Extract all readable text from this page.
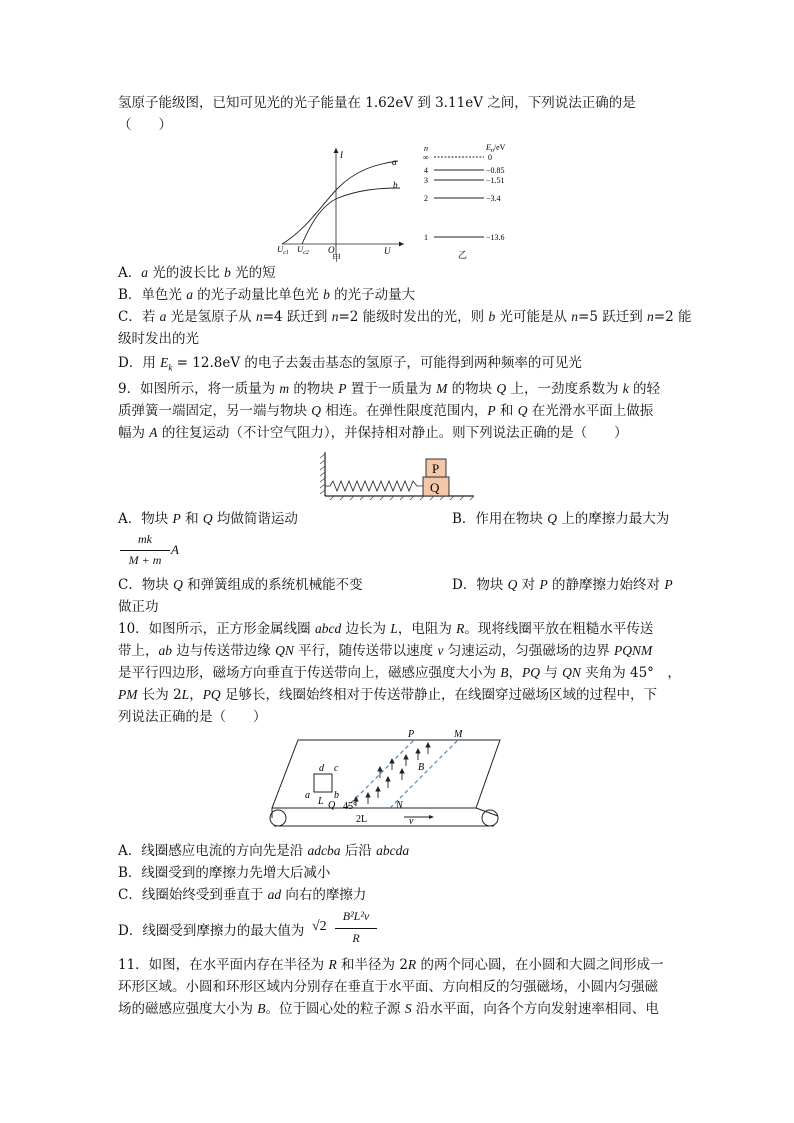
氢原子能级图，已知可见光的光子能量在 1.62eV 到 3.11eV 之间，下列说法正确的是
（　　）
I
a
b
O	U
$U_{c1}$ $U_{c2}$	甲
n	$E_n/eV$
∞	0
4	−0.85
3	−1.51
2	−3.4
1	−13.6
乙
A．a 光的波长比 b 光的短
B．单色光 a 的光子动量比单色光 b 的光子动量大
C．若 a 光是氢原子从 n=4 跃迁到 n=2 能级时发出的光，则 b 光可能是从 n=5 跃迁到 n=2 能
级时发出的光
D．用 $E_k = 12.8eV$ 的电子去轰击基态的氢原子，可能得到两种频率的可见光
9．如图所示，将一质量为 m 的物块 P 置于一质量为 M 的物块 Q 上，一劲度系数为 k 的轻
质弹簧一端固定，另一端与物块 Q 相连。在弹性限度范围内，P 和 Q 在光滑水平面上做振
幅为 A 的往复运动（不计空气阻力），并保持相对静止。则下列说法正确的是（　　）
P
Q
A．物块 P 和 Q 均做简谐运动	B．作用在物块 Q 上的摩擦力最大为
mk
M + m
A
C．物块 Q 和弹簧组成的系统机械能不变	D．物块 Q 对 P 的静摩擦力始终对 P
做正功
10．如图所示，正方形金属线圈 abcd 边长为 L，电阻为 R。现将线圈平放在粗糙水平传送
带上，ab 边与传送带边缘 QN 平行，随传送带以速度 v 匀速运动，匀强磁场的边界 PQNM
是平行四边形，磁场方向垂直于传送带向上，磁感应强度大小为 B，PQ 与 QN 夹角为 45°　，
PM 长为 2L，PQ 足够长，线圈始终相对于传送带静止，在线圈穿过磁场区域的过程中，下
列说法正确的是（　　）
a b
c
d
L Q 45°	N
P	M
B
2L	v
A．线圈感应电流的方向先是沿 adcba 后沿 abcda
B．线圈受到的摩擦力先增大后减小
C．线圈始终受到垂直于 ad 向右的摩擦力
D．线圈受到摩擦力的最大值为 √2
B²L²v
R
11．如图，在水平面内存在半径为 R 和半径为 2R 的两个同心圆，在小圆和大圆之间形成一
环形区域。小圆和环形区域内分别存在垂直于水平面、方向相反的匀强磁场，小圆内匀强磁
场的磁感应强度大小为 B。位于圆心处的粒子源 S 沿水平面，向各个方向发射速率相同、电
